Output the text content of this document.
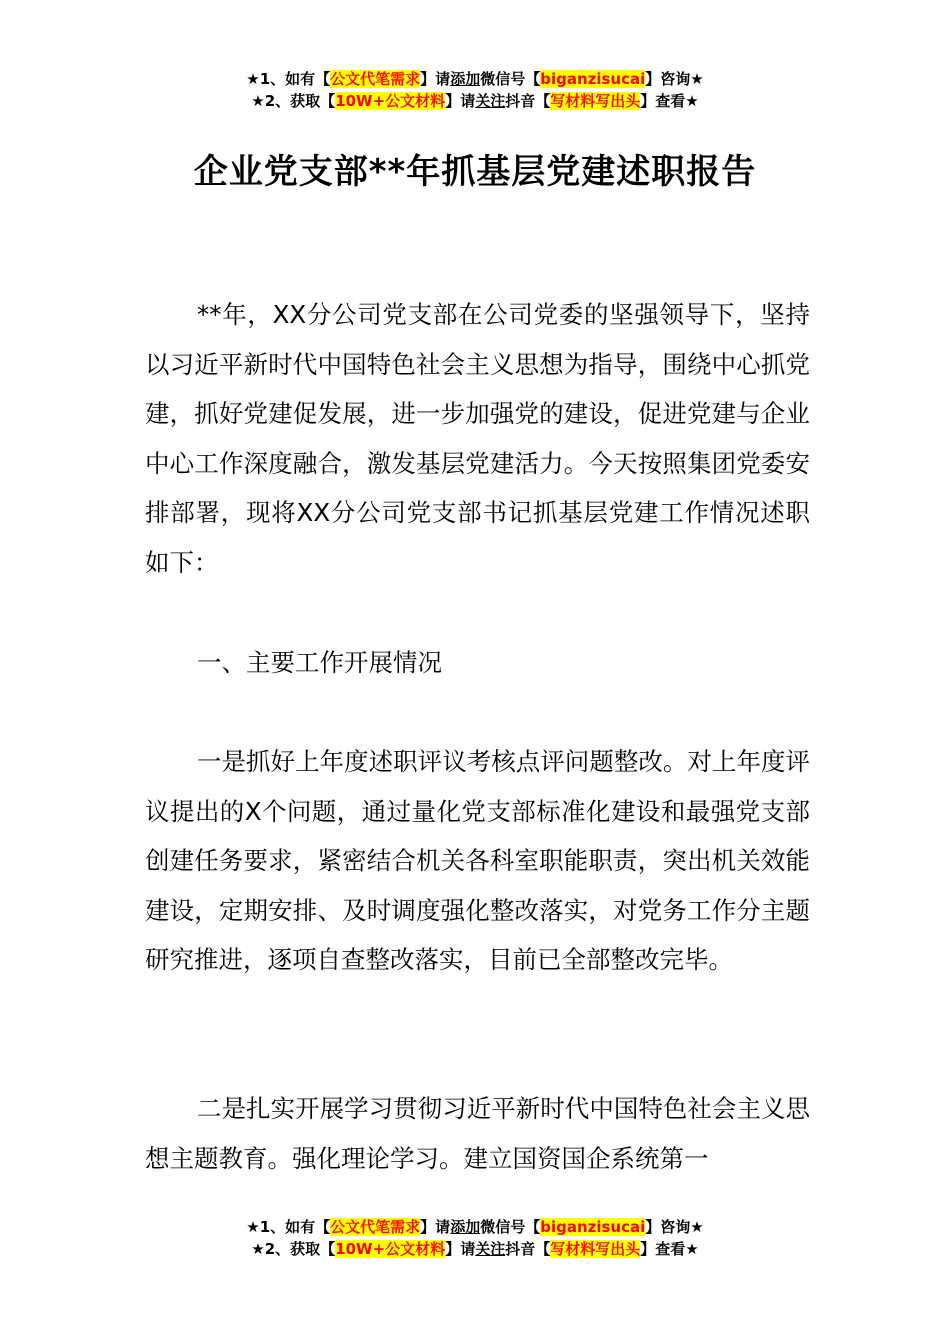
★1、如有【公文代笔需求】请添加微信号【biganzisucai】咨询★
★2、获取【10W+公文材料】请关注抖音【写材料写出头】查看★
企业党支部**年抓基层党建述职报告

**年，XX分公司党支部在公司党委的坚强领导下，坚持以习近平新时代中国特色社会主义思想为指导，围绕中心抓党建，抓好党建促发展，进一步加强党的建设，促进党建与企业中心工作深度融合，激发基层党建活力。今天按照集团党委安排部署，现将XX分公司党支部书记抓基层党建工作情况述职如下：

一、主要工作开展情况

一是抓好上年度述职评议考核点评问题整改。对上年度评议提出的X个问题，通过量化党支部标准化建设和最强党支部创建任务要求，紧密结合机关各科室职能职责，突出机关效能建设，定期安排、及时调度强化整改落实，对党务工作分主题研究推进，逐项自查整改落实，目前已全部整改完毕。

二是扎实开展学习贯彻习近平新时代中国特色社会主义思想主题教育。强化理论学习。建立国资国企系统第一

★1、如有【公文代笔需求】请添加微信号【biganzisucai】咨询★
★2、获取【10W+公文材料】请关注抖音【写材料写出头】查看★
